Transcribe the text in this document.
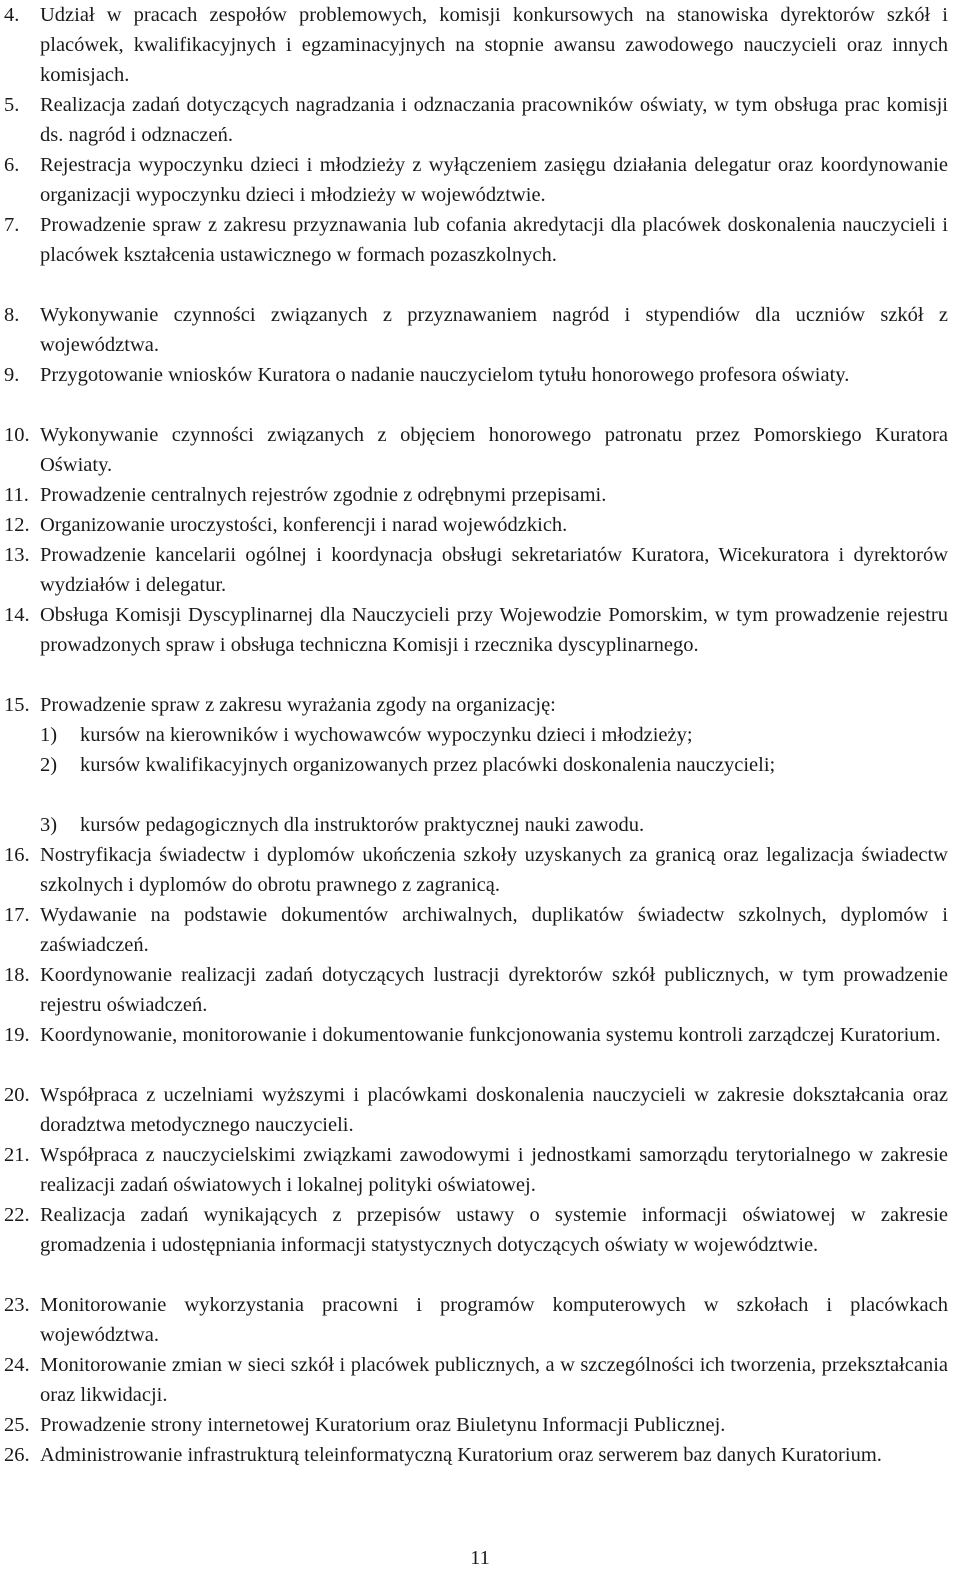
4. Udział w pracach zespołów problemowych, komisji konkursowych na stanowiska dyrektorów szkół i placówek, kwalifikacyjnych i egzaminacyjnych na stopnie awansu zawodowego nauczycieli oraz innych komisjach.
5. Realizacja zadań dotyczących nagradzania i odznaczania pracowników oświaty, w tym obsługa prac komisji ds. nagród i odznaczeń.
6. Rejestracja wypoczynku dzieci i młodzieży z wyłączeniem zasięgu działania delegatur oraz koordynowanie organizacji wypoczynku dzieci i młodzieży w województwie.
7. Prowadzenie spraw z zakresu przyznawania lub cofania akredytacji dla placówek doskonalenia nauczycieli i placówek kształcenia ustawicznego w formach pozaszkolnych.
8. Wykonywanie czynności związanych z przyznawaniem nagród i stypendiów dla uczniów szkół z województwa.
9. Przygotowanie wniosków Kuratora o nadanie nauczycielom tytułu honorowego profesora oświaty.
10. Wykonywanie czynności związanych z objęciem honorowego patronatu przez Pomorskiego Kuratora Oświaty.
11. Prowadzenie centralnych rejestrów zgodnie z odrębnymi przepisami.
12. Organizowanie uroczystości, konferencji i narad wojewódzkich.
13. Prowadzenie kancelarii ogólnej i koordynacja obsługi sekretariatów Kuratora, Wicekuratora i dyrektorów wydziałów i delegatur.
14. Obsługa Komisji Dyscyplinarnej dla Nauczycieli przy Wojewodzie Pomorskim, w tym prowadzenie rejestru prowadzonych spraw i obsługa techniczna Komisji i rzecznika dyscyplinarnego.
15. Prowadzenie spraw z zakresu wyrażania zgody na organizację:
1) kursów na kierowników i wychowawców wypoczynku dzieci i młodzieży;
2) kursów kwalifikacyjnych organizowanych przez placówki doskonalenia nauczycieli;
3) kursów pedagogicznych dla instruktorów praktycznej nauki zawodu.
16. Nostryfikacja świadectw i dyplomów ukończenia szkoły uzyskanych za granicą oraz legalizacja świadectw szkolnych i dyplomów do obrotu prawnego z zagranicą.
17. Wydawanie na podstawie dokumentów archiwalnych, duplikatów świadectw szkolnych, dyplomów i zaświadczeń.
18. Koordynowanie realizacji zadań dotyczących lustracji dyrektorów szkół publicznych, w tym prowadzenie rejestru oświadczeń.
19. Koordynowanie, monitorowanie i dokumentowanie funkcjonowania systemu kontroli zarządczej Kuratorium.
20. Współpraca z uczelniami wyższymi i placówkami doskonalenia nauczycieli w zakresie dokształcania oraz doradztwa metodycznego nauczycieli.
21. Współpraca z nauczycielskimi związkami zawodowymi i jednostkami samorządu terytorialnego w zakresie realizacji zadań oświatowych i lokalnej polityki oświatowej.
22. Realizacja zadań wynikających z przepisów ustawy o systemie informacji oświatowej w zakresie gromadzenia i udostępniania informacji statystycznych dotyczących oświaty w województwie.
23. Monitorowanie wykorzystania pracowni i programów komputerowych w szkołach i placówkach województwa.
24. Monitorowanie zmian w sieci szkół i placówek publicznych, a w szczególności ich tworzenia, przekształcania oraz likwidacji.
25. Prowadzenie strony internetowej Kuratorium oraz Biuletynu Informacji Publicznej.
26. Administrowanie infrastrukturą teleinformatyczną Kuratorium oraz serwerem baz danych Kuratorium.
11
